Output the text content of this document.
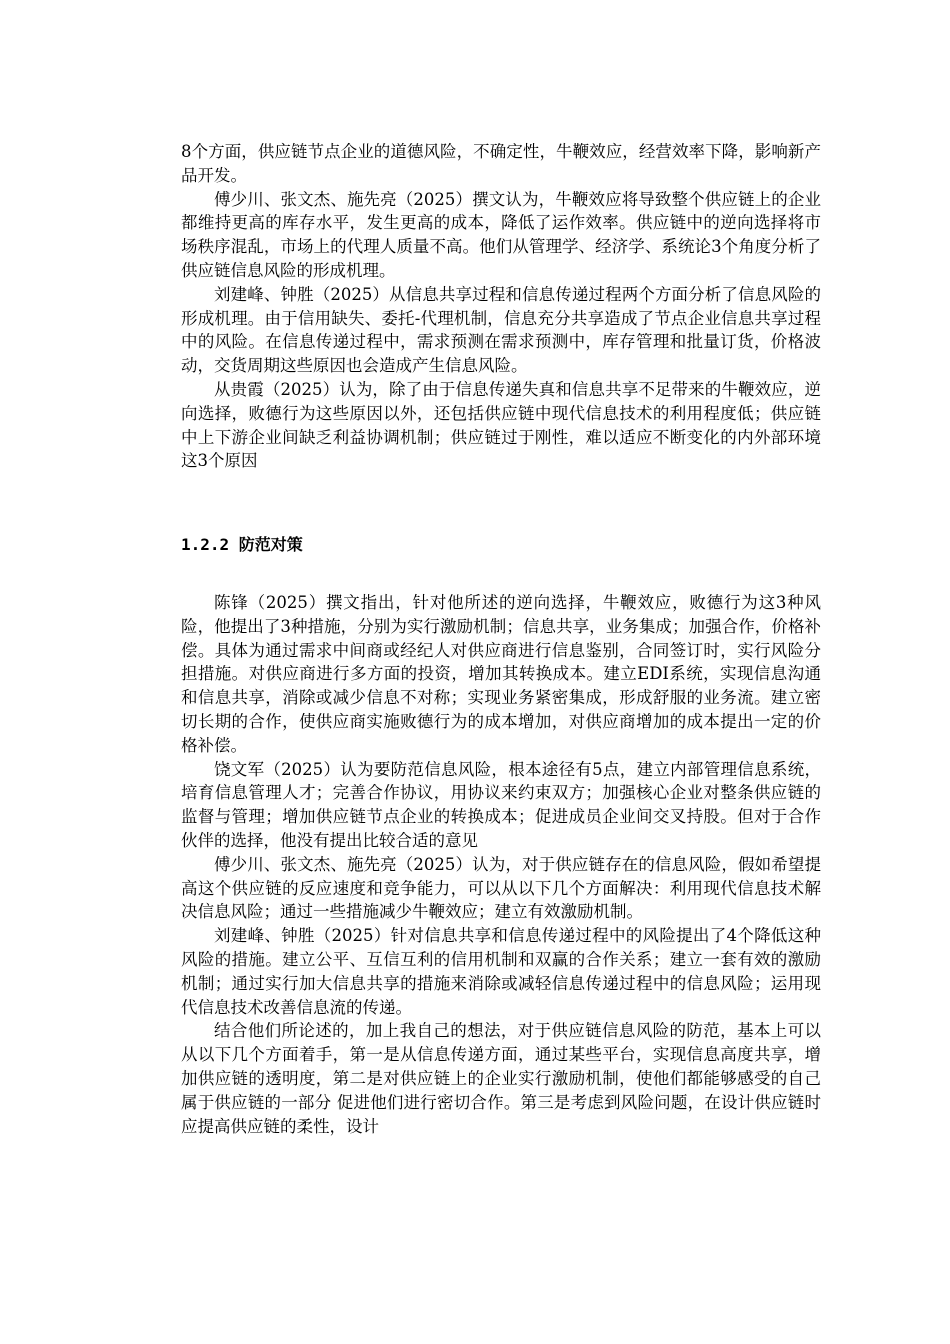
8个方面，供应链节点企业的道德风险，不确定性，牛鞭效应，经营效率下降，影响新产品开发。

傅少川、张文杰、施先亮（2025）撰文认为，牛鞭效应将导致整个供应链上的企业都维持更高的库存水平，发生更高的成本，降低了运作效率。供应链中的逆向选择将市场秩序混乱，市场上的代理人质量不高。他们从管理学、经济学、系统论3个角度分析了供应链信息风险的形成机理。

刘建峰、钟胜（2025）从信息共享过程和信息传递过程两个方面分析了信息风险的形成机理。由于信用缺失、委托-代理机制，信息充分共享造成了节点企业信息共享过程中的风险。在信息传递过程中，需求预测在需求预测中，库存管理和批量订货，价格波动，交货周期这些原因也会造成产生信息风险。

从贵霞（2025）认为，除了由于信息传递失真和信息共享不足带来的牛鞭效应，逆向选择，败德行为这些原因以外，还包括供应链中现代信息技术的利用程度低；供应链中上下游企业间缺乏利益协调机制；供应链过于刚性，难以适应不断变化的内外部环境这3个原因

1.2.2 防范对策

陈锋（2025）撰文指出，针对他所述的逆向选择，牛鞭效应，败德行为这3种风险，他提出了3种措施，分别为实行激励机制；信息共享，业务集成；加强合作，价格补偿。具体为通过需求中间商或经纪人对供应商进行信息鉴别，合同签订时，实行风险分担措施。对供应商进行多方面的投资，增加其转换成本。建立EDI系统，实现信息沟通和信息共享，消除或减少信息不对称；实现业务紧密集成，形成舒服的业务流。建立密切长期的合作，使供应商实施败德行为的成本增加，对供应商增加的成本提出一定的价格补偿。

饶文军（2025）认为要防范信息风险，根本途径有5点，建立内部管理信息系统，培育信息管理人才；完善合作协议，用协议来约束双方；加强核心企业对整条供应链的监督与管理；增加供应链节点企业的转换成本；促进成员企业间交叉持股。但对于合作伙伴的选择，他没有提出比较合适的意见

傅少川、张文杰、施先亮（2025）认为，对于供应链存在的信息风险，假如希望提高这个供应链的反应速度和竞争能力，可以从以下几个方面解决：利用现代信息技术解决信息风险；通过一些措施减少牛鞭效应；建立有效激励机制。

刘建峰、钟胜（2025）针对信息共享和信息传递过程中的风险提出了4个降低这种风险的措施。建立公平、互信互利的信用机制和双赢的合作关系；建立一套有效的激励机制；通过实行加大信息共享的措施来消除或减轻信息传递过程中的信息风险；运用现代信息技术改善信息流的传递。

结合他们所论述的，加上我自己的想法，对于供应链信息风险的防范，基本上可以从以下几个方面着手，第一是从信息传递方面，通过某些平台，实现信息高度共享，增加供应链的透明度，第二是对供应链上的企业实行激励机制，使他们都能够感受的自己属于供应链的一部分 促进他们进行密切合作。第三是考虑到风险问题，在设计供应链时应提高供应链的柔性，设计
